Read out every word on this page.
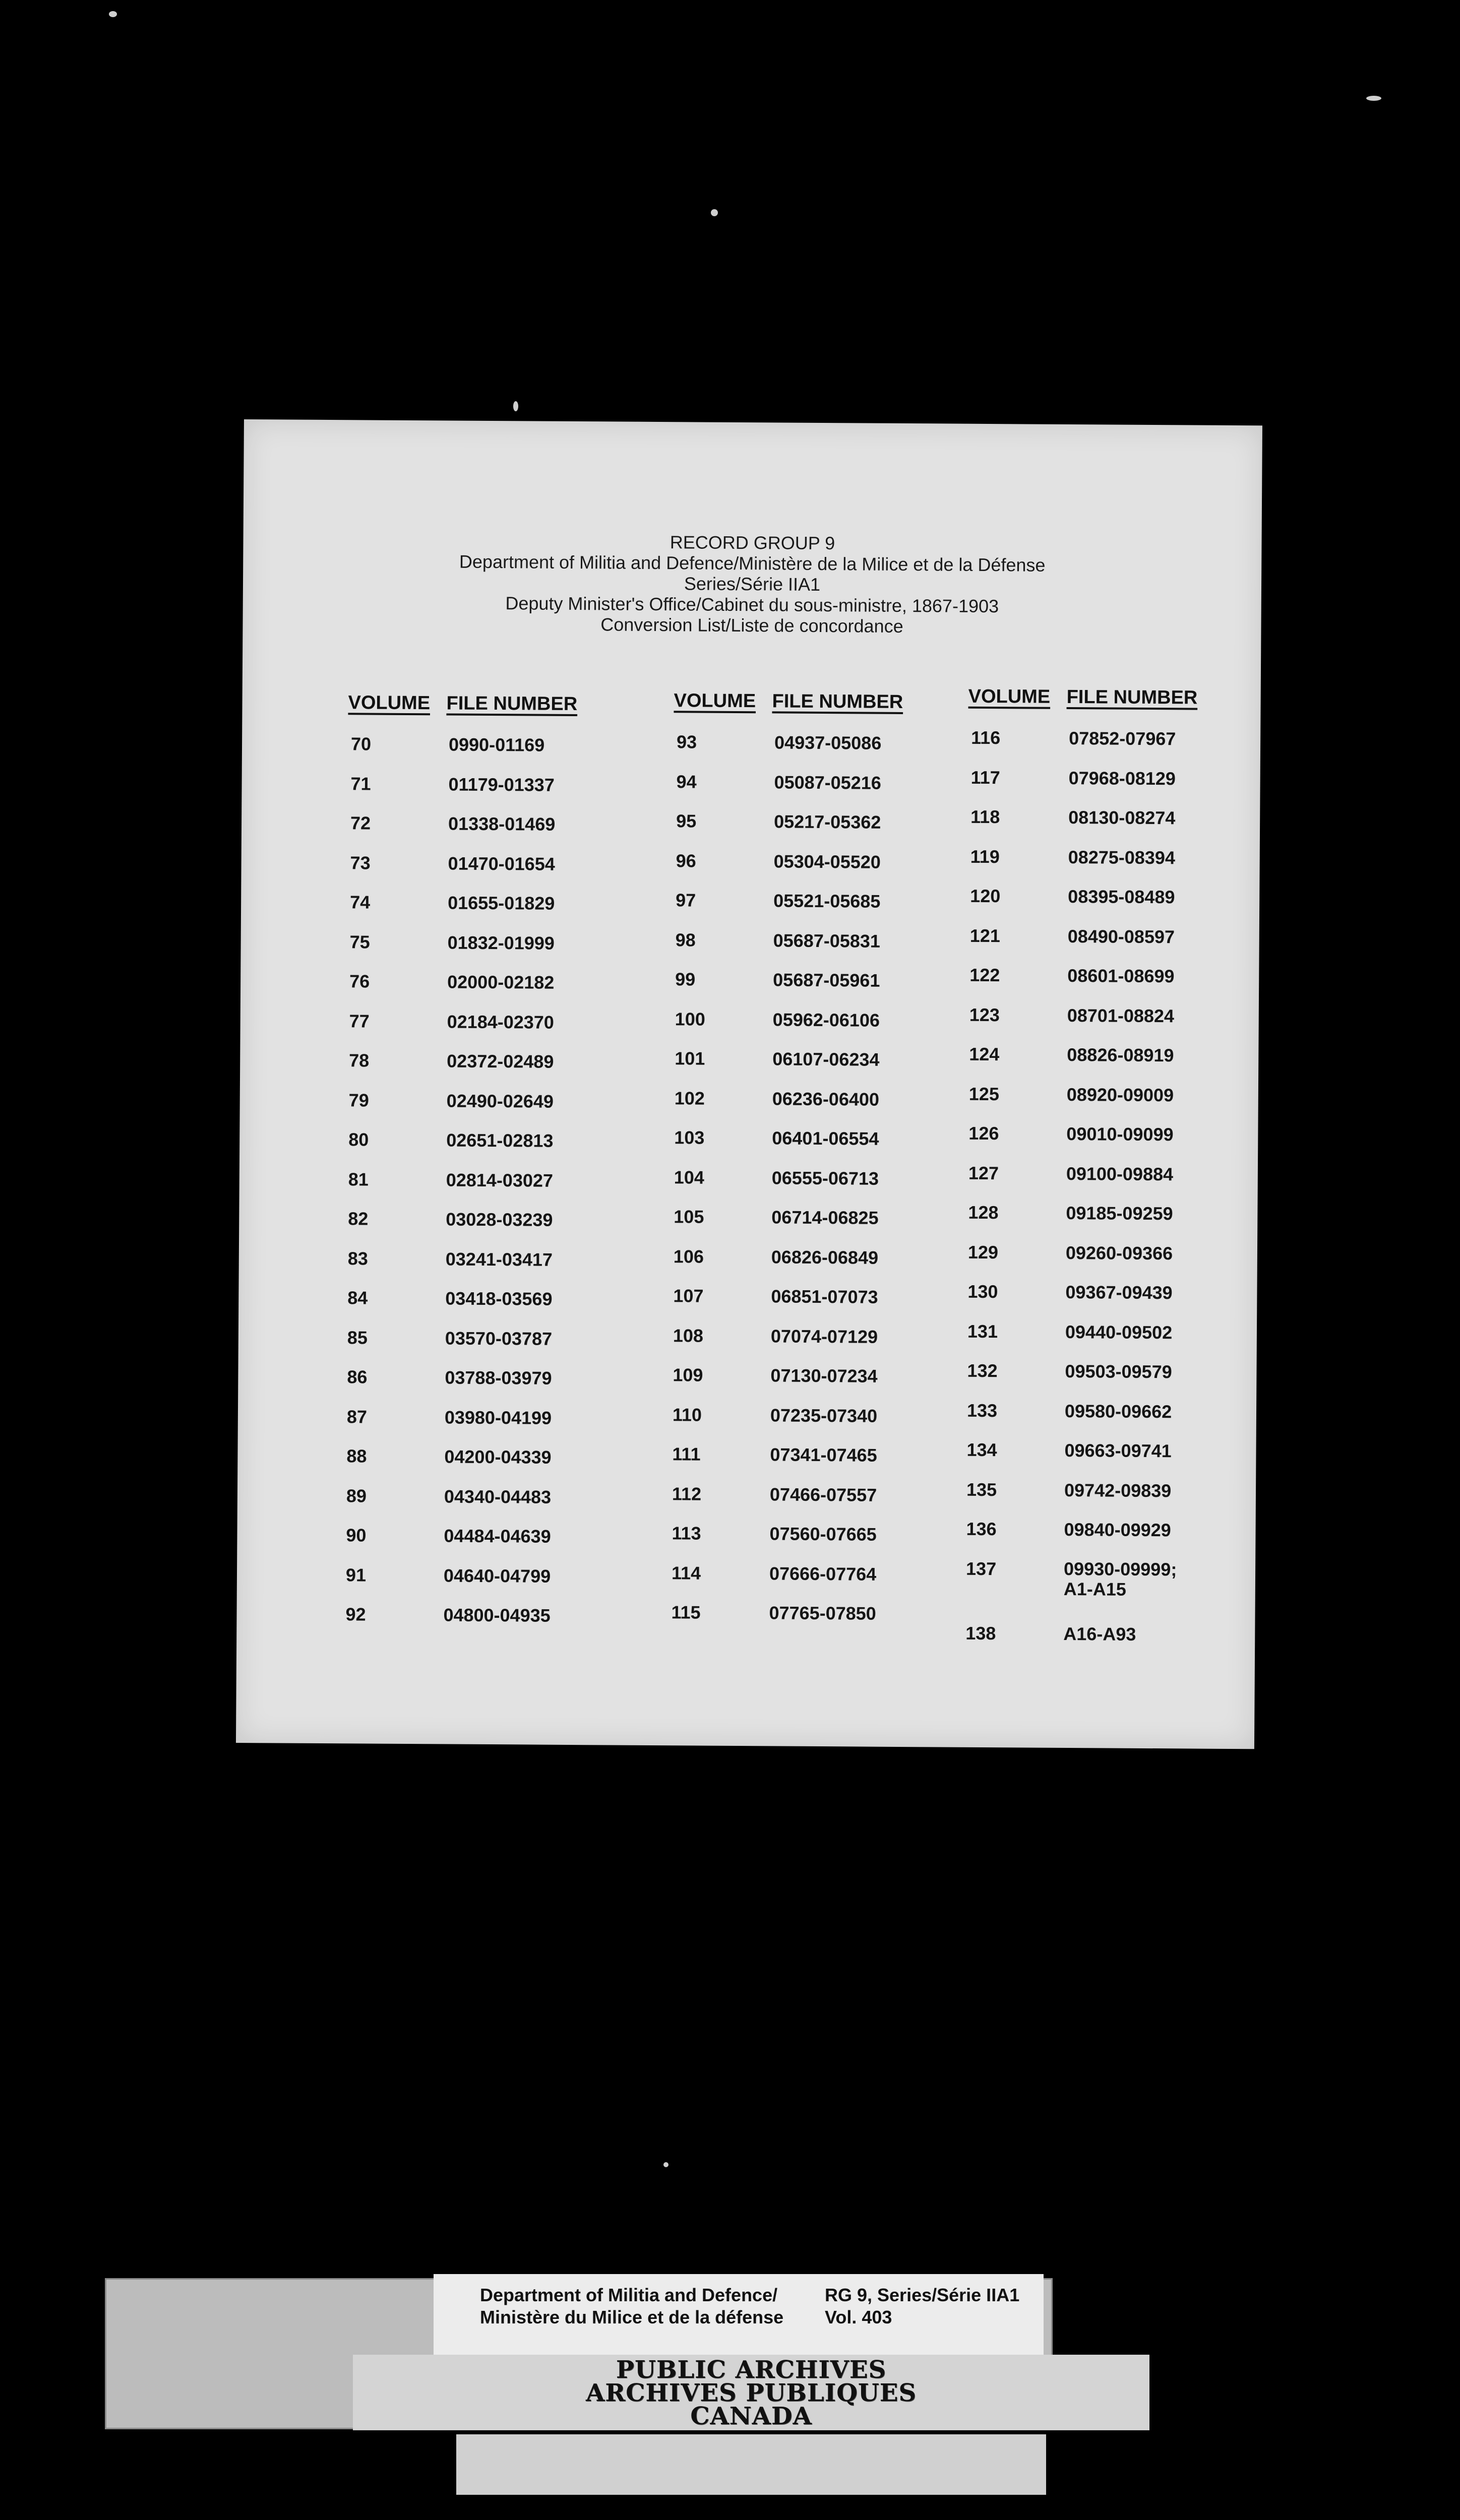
RECORD GROUP 9
Department of Militia and Defence/Ministère de la Milice et de la Défense
Series/Série IIA1
Deputy Minister's Office/Cabinet du sous-ministre, 1867-1903
Conversion List/Liste de concordance
VOLUME FILE NUMBER
70	0990-01169
71	01179-01337
72	01338-01469
73	01470-01654
74	01655-01829
75	01832-01999
76	02000-02182
77	02184-02370
78	02372-02489
79	02490-02649
80	02651-02813
81	02814-03027
82	03028-03239
83	03241-03417
84	03418-03569
85	03570-03787
86	03788-03979
87	03980-04199
88	04200-04339
89	04340-04483
90	04484-04639
91	04640-04799
92	04800-04935
VOLUME FILE NUMBER
93	04937-05086
94	05087-05216
95	05217-05362
96	05304-05520
97	05521-05685
98	05687-05831
99	05687-05961
100	05962-06106
101	06107-06234
102	06236-06400
103	06401-06554
104	06555-06713
105	06714-06825
106	06826-06849
107	06851-07073
108	07074-07129
109	07130-07234
110	07235-07340
111	07341-07465
112	07466-07557
113	07560-07665
114	07666-07764
115	07765-07850
VOLUME FILE NUMBER
116	07852-07967
117	07968-08129
118	08130-08274
119	08275-08394
120	08395-08489
121	08490-08597
122	08601-08699
123	08701-08824
124	08826-08919
125	08920-09009
126	09010-09099
127	09100-09884
128	09185-09259
129	09260-09366
130	09367-09439
131	09440-09502
132	09503-09579
133	09580-09662
134	09663-09741
135	09742-09839
136	09840-09929
137	09930-09999;
A1-A15
138	A16-A93
Department of Militia and Defence/
Ministère du Milice et de la défense
RG 9, Series/Série IIA1
Vol. 403
PUBLIC ARCHIVES
ARCHIVES PUBLIQUES
CANADA
